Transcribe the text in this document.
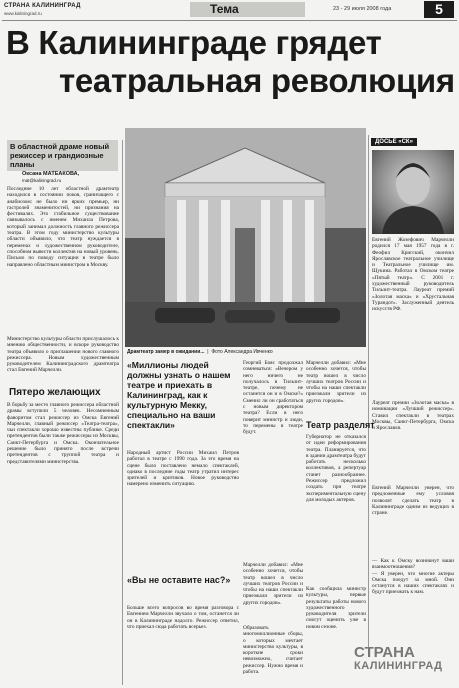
СТРАНА КАЛИНИНГРАД
www.kaliningrad.ru	Тема	23 - 29 июля 2008 года	5
В Калининграде грядет
театральная революция
В областной драме новый режиссер и грандиозные планы
Оксана МАТЕАКОВА,
mat@kaliningrad.ru
Последние 10 лет областной драмтеатр находился в состоянии покоя, граничащего с анабиозом: не было ни ярких премьер, ни гастролей знаменитостей, ни признания на фестивалях. Это стабильное существование связывалось с именем Михаила Петрова, который занимал должность главного режиссера театра. В этом году министерство культуры области объявило, что театр нуждается в переменах и художественном руководителе, способном вывести коллектив на новый уровень. Письмо по поводу ситуации в театре было направлено областным министром в Москву.
Министерство культуры области прислушалось к мнению общественности, и вскоре руководство театра объявило о приглашении нового главного режиссера. Новым художественным руководителем Калининградского драмтеатра стал Евгений Марчелли.
Пятеро желающих
В борьбу за место главного режиссера областной драмы вступили 5 человек. Несомненным фаворитом стал режиссер из Омска Евгений Марчелли, главный режиссер «Театра-театра», чьи спектакли хорошо известны публике. Среди претендентов были также режиссеры из Москвы, Санкт-Петербурга и Омска. Окончательное решение было принято после встречи претендентов с труппой театра и представителями министерства.
Драмтеатр замер в ожидании...  |  Фото Александра Ивченко
ДОСЬЕ «СК»
Евгений Жозефович Марчелли родился 17 мая 1957 года в г. Феофил Кригский, окончил Ярославское театральное училище и Театральное училище им. Щукина. Работал в Омском театре «Пятый театр». С 2001 г. художественный руководитель Тильзит-театра. Лауреат премий «Золотая маска» и «Хрустальная Турандот». Заслуженный деятель искусств РФ.
Лауреат премии «Золотая маска» в номинации «Лучший режиссер». Ставил спектакли в театрах Москвы, Санкт-Петербурга, Омска и Ярославля.
Евгений Марчелли уверен, что предложенные ему условия позволят сделать театр в Калининграде одним из ведущих в стране.
— Как к Омску возникнут ваши взаимоотношения?
— Я уверен, что многие актеры Омска поедут за мной. Они останутся в наших спектаклях и будут приезжать к нам.
«Миллионы людей должны узнать о нашем театре и приехать в Калининград, как к культурную Мекку, специально на ваши спектакли»
Народный артист России Михаил Петров работал в театре с 1990 года. За это время на сцене было поставлено немало спектаклей, однако в последние годы театр утратил интерес зрителей и критиков. Новое руководство намерено изменить ситуацию.
«Вы не оставите нас?»
Больше всего вопросов во время разговора с Евгением Марчелли звучало о том, останется ли он в Калининграде надолго. Режиссер ответил, что приехал сюда работать всерьез.
Георгий Бояс продолжал сомневаться: «Вечером у него ничего не получалось в Тильзит-театре, почему не останется он и в Омске?» Сменил ли он сработаться с новым директором театра? Если в него поверит министр и люди, то перемены в театре будут.
Марчелли добавил: «Мне особенно хочется, чтобы театр вошел в число лучших театров России и чтобы на наши спектакли приезжали зрители из других городов».
Образовать многомиллионные сборы, о которых мечтает министерство культуры, в короткие сроки невозможно, считает режиссер. Нужно время и работа.
Театр разделят
Марчелли добавил: «Мне особенно хочется, чтобы театр вошел в число лучших театров России и чтобы на наши спектакли приезжали зрители из других городов».
Губернатор не отказался от идеи реформирования театра. Планируется, что в здании драмтеатра будут работать несколько коллективов, а репертуар станет разнообразнее. Режиссер предложил создать при театре экспериментальную сцену для молодых актеров.
Как сообщила министр культуры, первые результаты работы нового художественного руководителя зрители смогут оценить уже в новом сезоне.
СТРАНА
КАЛИНИНГРАД
